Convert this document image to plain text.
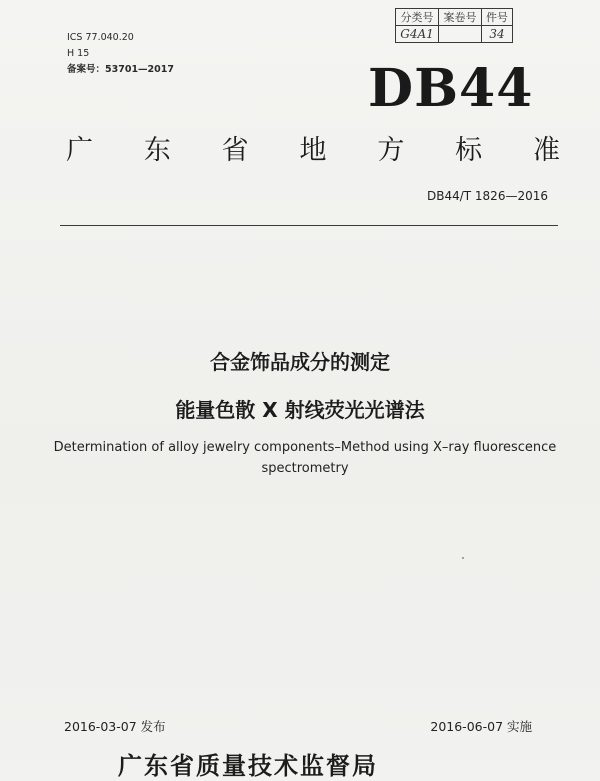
ICS 77.040.20
H 15
备案号：53701—2017
分类号	案卷号	件号
G4A1		34
DB44
广 东 省 地 方 标 准
DB44/T 1826—2016
合金饰品成分的测定
能量色散 X 射线荧光光谱法
Determination of alloy jewelry components–Method using X–ray fluorescence
spectrometry
2016-03-07 发布	2016-06-07 实施
广东省质量技术监督局
